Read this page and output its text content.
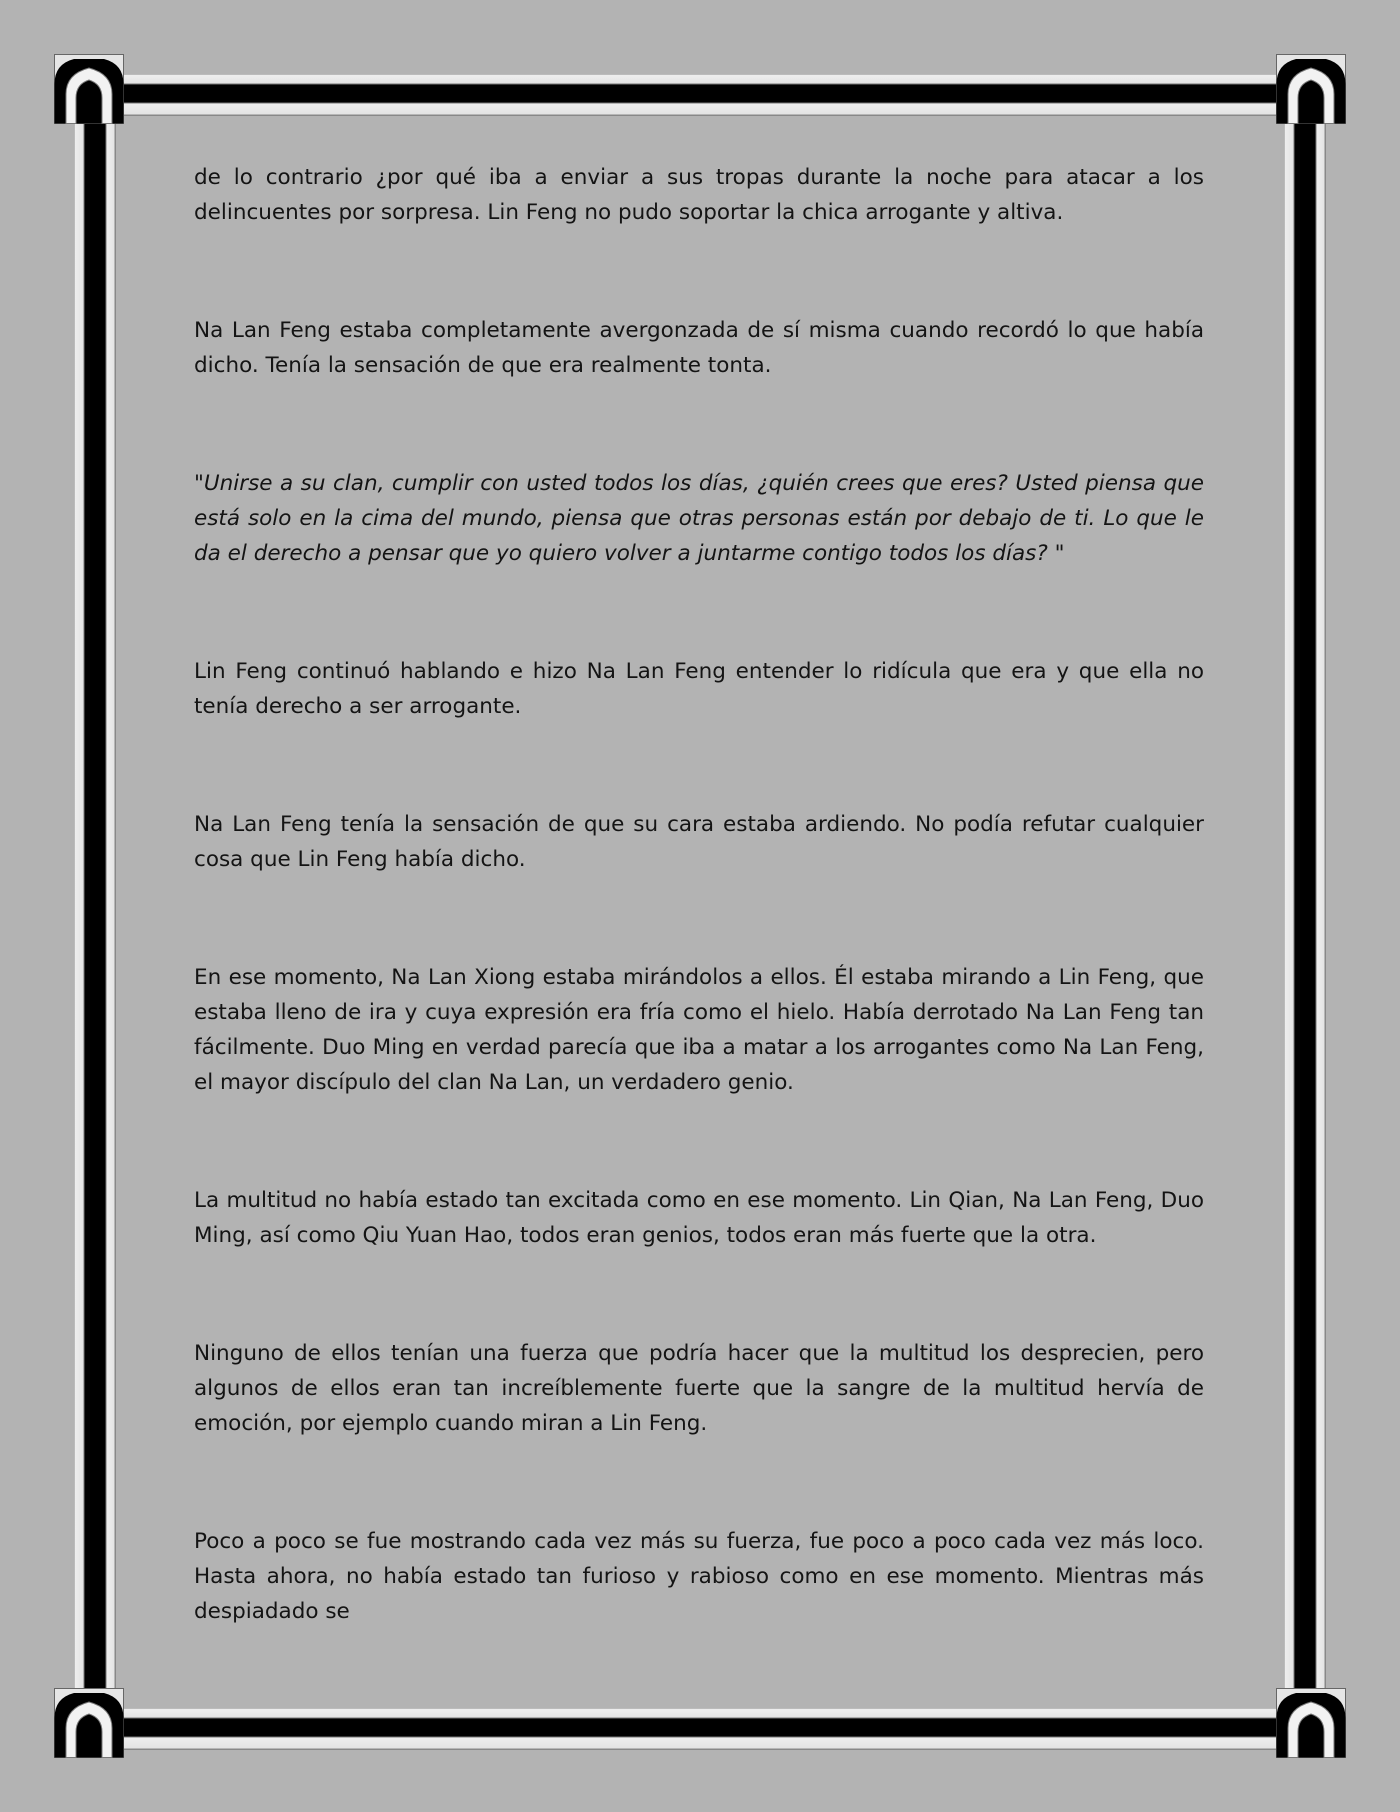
de lo contrario ¿por qué iba a enviar a sus tropas durante la noche para atacar a los delincuentes por sorpresa. Lin Feng no pudo soportar la chica arrogante y altiva.

Na Lan Feng estaba completamente avergonzada de sí misma cuando recordó lo que había dicho. Tenía la sensación de que era realmente tonta.

"Unirse a su clan, cumplir con usted todos los días, ¿quién crees que eres? Usted piensa que está solo en la cima del mundo, piensa que otras personas están por debajo de ti. Lo que le da el derecho a pensar que yo quiero volver a juntarme contigo todos los días? "

Lin Feng continuó hablando e hizo Na Lan Feng entender lo ridícula que era y que ella no tenía derecho a ser arrogante.

Na Lan Feng tenía la sensación de que su cara estaba ardiendo. No podía refutar cualquier cosa que Lin Feng había dicho.

En ese momento, Na Lan Xiong estaba mirándolos a ellos. Él estaba mirando a Lin Feng, que estaba lleno de ira y cuya expresión era fría como el hielo. Había derrotado Na Lan Feng tan fácilmente. Duo Ming en verdad parecía que iba a matar a los arrogantes como Na Lan Feng, el mayor discípulo del clan Na Lan, un verdadero genio.

La multitud no había estado tan excitada como en ese momento. Lin Qian, Na Lan Feng, Duo Ming, así como Qiu Yuan Hao, todos eran genios, todos eran más fuerte que la otra.

Ninguno de ellos tenían una fuerza que podría hacer que la multitud los desprecien, pero algunos de ellos eran tan increíblemente fuerte que la sangre de la multitud hervía de emoción, por ejemplo cuando miran a Lin Feng.

Poco a poco se fue mostrando cada vez más su fuerza, fue poco a poco cada vez más loco. Hasta ahora, no había estado tan furioso y rabioso como en ese momento. Mientras más despiadado se
